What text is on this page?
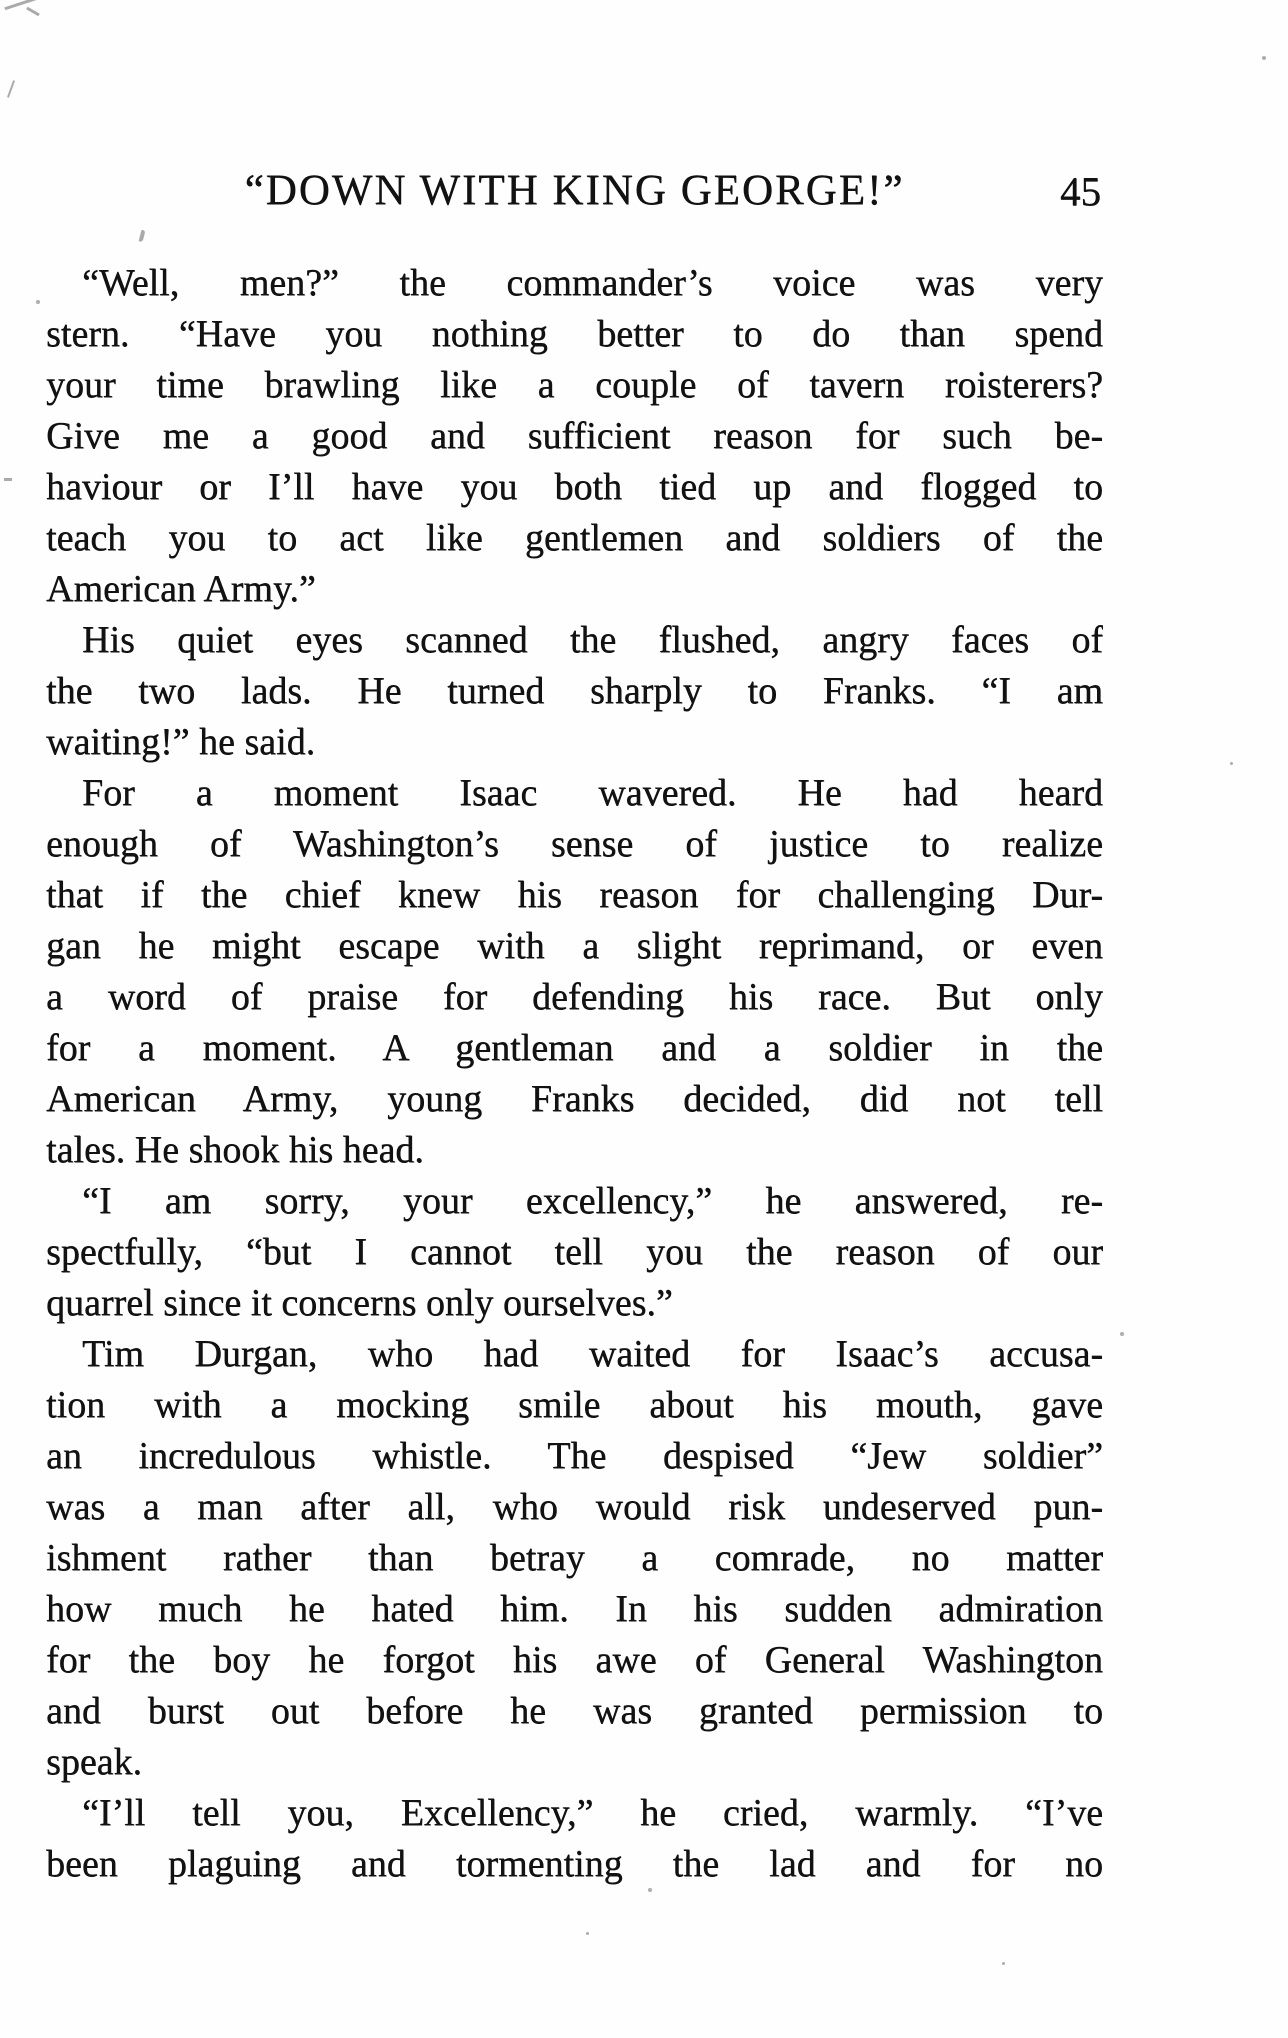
“DOWN WITH KING GEORGE!”	45
“Well, men?” the commander’s voice was very
stern. “Have you nothing better to do than spend
your time brawling like a couple of tavern roisterers?
Give me a good and sufficient reason for such be-
haviour or I’ll have you both tied up and flogged to
teach you to act like gentlemen and soldiers of the
American Army.”
His quiet eyes scanned the flushed, angry faces of
the two lads. He turned sharply to Franks. “I am
waiting!” he said.
For a moment Isaac wavered. He had heard
enough of Washington’s sense of justice to realize
that if the chief knew his reason for challenging Dur-
gan he might escape with a slight reprimand, or even
a word of praise for defending his race. But only
for a moment. A gentleman and a soldier in the
American Army, young Franks decided, did not tell
tales. He shook his head.
“I am sorry, your excellency,” he answered, re-
spectfully, “but I cannot tell you the reason of our
quarrel since it concerns only ourselves.”
Tim Durgan, who had waited for Isaac’s accusa-
tion with a mocking smile about his mouth, gave
an incredulous whistle. The despised “Jew soldier”
was a man after all, who would risk undeserved pun-
ishment rather than betray a comrade, no matter
how much he hated him. In his sudden admiration
for the boy he forgot his awe of General Washington
and burst out before he was granted permission to
speak.
“I’ll tell you, Excellency,” he cried, warmly. “I’ve
been plaguing and tormenting the lad and for no
